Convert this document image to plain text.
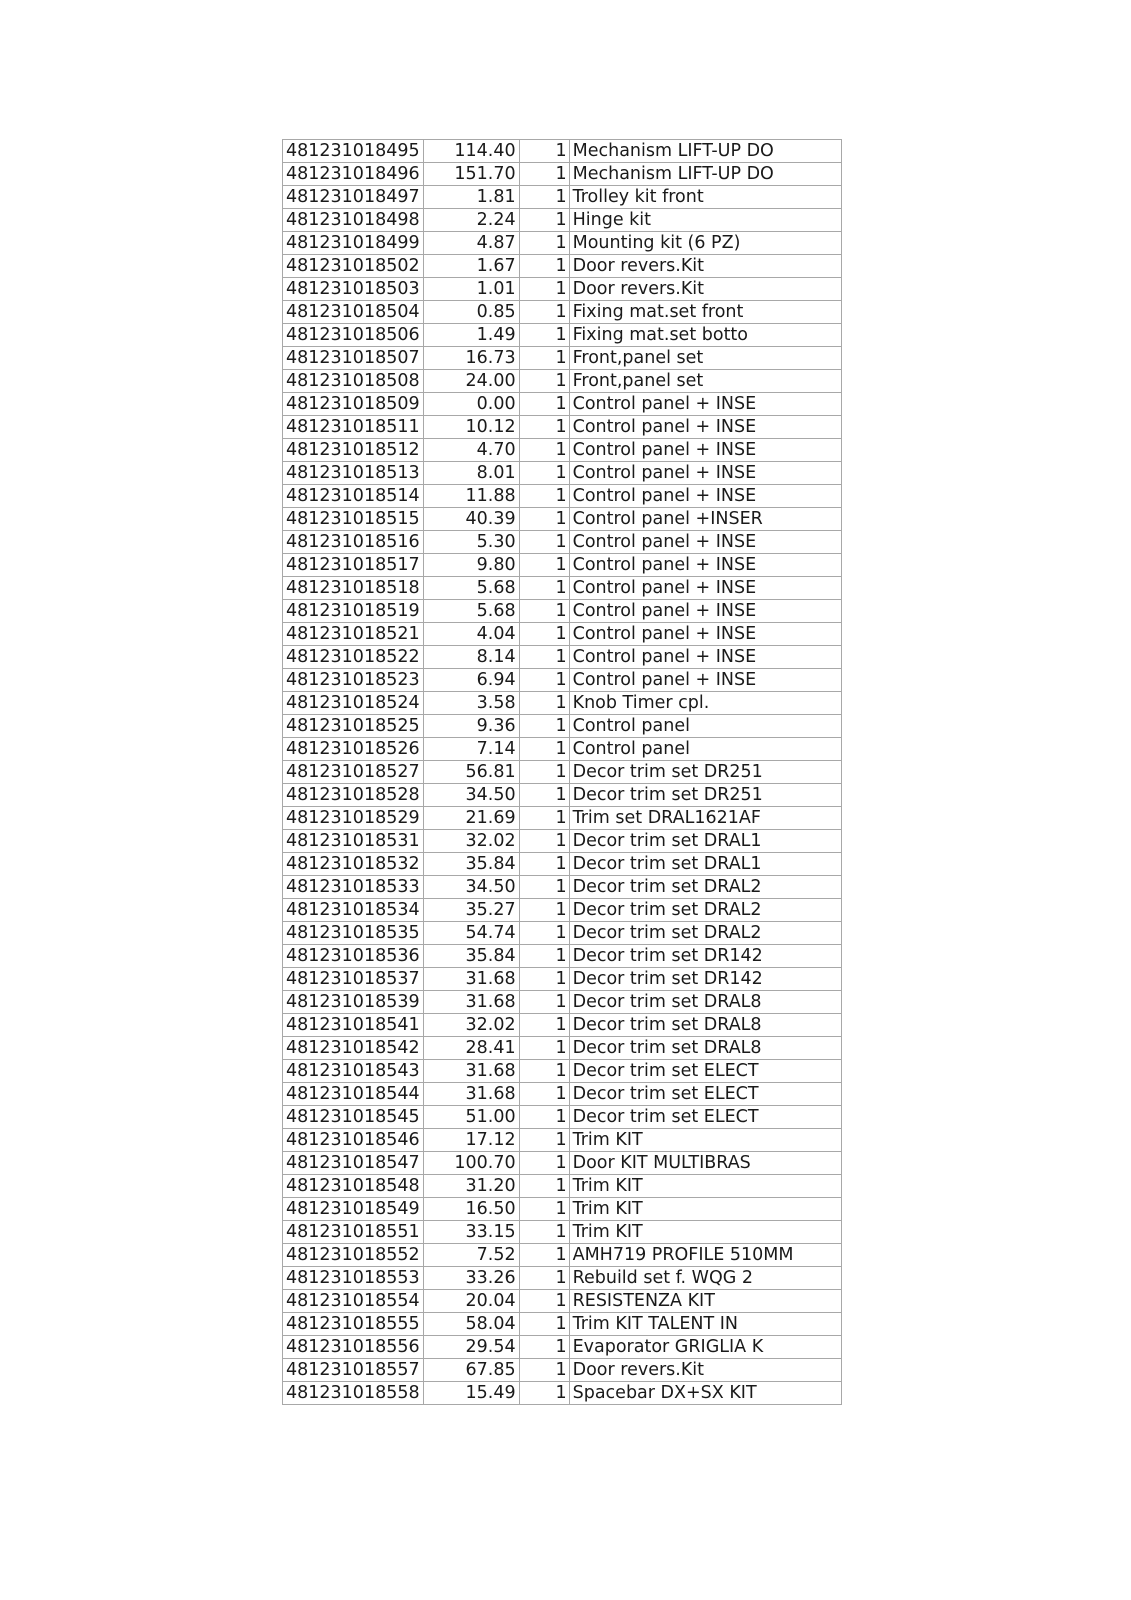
481231018495	114.40	1	Mechanism LIFT-UP DO
481231018496	151.70	1	Mechanism LIFT-UP DO
481231018497	1.81	1	Trolley kit front
481231018498	2.24	1	Hinge kit
481231018499	4.87	1	Mounting kit (6 PZ)
481231018502	1.67	1	Door revers.Kit
481231018503	1.01	1	Door revers.Kit
481231018504	0.85	1	Fixing mat.set front
481231018506	1.49	1	Fixing mat.set botto
481231018507	16.73	1	Front,panel set
481231018508	24.00	1	Front,panel set
481231018509	0.00	1	Control panel + INSE
481231018511	10.12	1	Control panel + INSE
481231018512	4.70	1	Control panel + INSE
481231018513	8.01	1	Control panel + INSE
481231018514	11.88	1	Control panel + INSE
481231018515	40.39	1	Control panel +INSER
481231018516	5.30	1	Control panel + INSE
481231018517	9.80	1	Control panel + INSE
481231018518	5.68	1	Control panel + INSE
481231018519	5.68	1	Control panel + INSE
481231018521	4.04	1	Control panel + INSE
481231018522	8.14	1	Control panel + INSE
481231018523	6.94	1	Control panel + INSE
481231018524	3.58	1	Knob Timer cpl.
481231018525	9.36	1	Control panel
481231018526	7.14	1	Control panel
481231018527	56.81	1	Decor trim set DR251
481231018528	34.50	1	Decor trim set DR251
481231018529	21.69	1	Trim set DRAL1621AF
481231018531	32.02	1	Decor trim set DRAL1
481231018532	35.84	1	Decor trim set DRAL1
481231018533	34.50	1	Decor trim set DRAL2
481231018534	35.27	1	Decor trim set DRAL2
481231018535	54.74	1	Decor trim set DRAL2
481231018536	35.84	1	Decor trim set DR142
481231018537	31.68	1	Decor trim set DR142
481231018539	31.68	1	Decor trim set DRAL8
481231018541	32.02	1	Decor trim set DRAL8
481231018542	28.41	1	Decor trim set DRAL8
481231018543	31.68	1	Decor trim set ELECT
481231018544	31.68	1	Decor trim set ELECT
481231018545	51.00	1	Decor trim set ELECT
481231018546	17.12	1	Trim KIT
481231018547	100.70	1	Door KIT MULTIBRAS
481231018548	31.20	1	Trim KIT
481231018549	16.50	1	Trim KIT
481231018551	33.15	1	Trim KIT
481231018552	7.52	1	AMH719 PROFILE 510MM
481231018553	33.26	1	Rebuild set f. WQG 2
481231018554	20.04	1	RESISTENZA KIT
481231018555	58.04	1	Trim KIT TALENT IN
481231018556	29.54	1	Evaporator GRIGLIA K
481231018557	67.85	1	Door revers.Kit
481231018558	15.49	1	Spacebar DX+SX KIT
